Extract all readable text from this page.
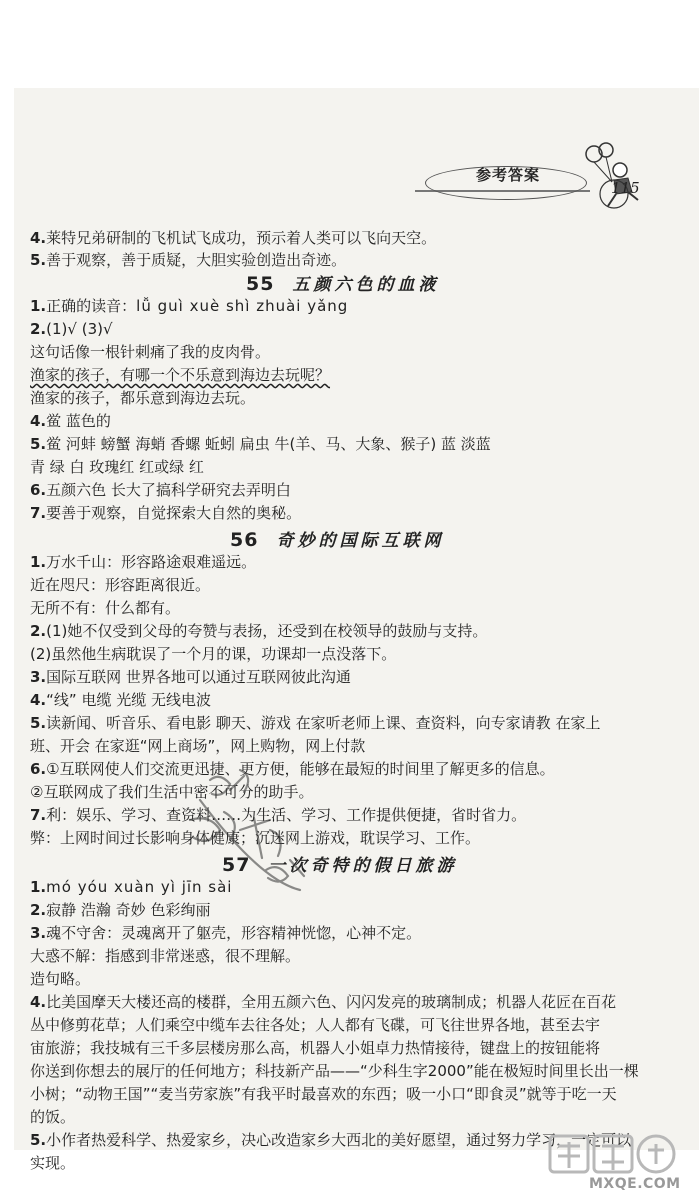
参考答案
115
4.莱特兄弟研制的飞机试飞成功，预示着人类可以飞向天空。
5.善于观察，善于质疑，大胆实验创造出奇迹。
55 五颜六色的血液
1.正确的读音：lǚ guì xuè shì zhuài yǎng
2.(1)√ (3)√
这句话像一根针刺痛了我的皮肉骨。
渔家的孩子，有哪一个不乐意到海边去玩呢？
渔家的孩子，都乐意到海边去玩。
4.鲎 蓝色的
5.鲎 河蚌 螃蟹 海蛸 香螺 蚯蚓 扁虫 牛(羊、马、大象、猴子) 蓝 淡蓝
青 绿 白 玫瑰红 红或绿 红
6.五颜六色 长大了搞科学研究去弄明白
7.要善于观察，自觉探索大自然的奥秘。
56 奇妙的国际互联网
1.万水千山：形容路途艰难遥远。
近在咫尺：形容距离很近。
无所不有：什么都有。
2.(1)她不仅受到父母的夸赞与表扬，还受到在校领导的鼓励与支持。
(2)虽然他生病耽误了一个月的课，功课却一点没落下。
3.国际互联网 世界各地可以通过互联网彼此沟通
4.“线” 电缆 光缆 无线电波
5.读新闻、听音乐、看电影 聊天、游戏 在家听老师上课、查资料，向专家请教 在家上
班、开会 在家逛“网上商场”，网上购物，网上付款
6.①互联网使人们交流更迅捷、更方便，能够在最短的时间里了解更多的信息。
②互联网成了我们生活中密不可分的助手。
7.利：娱乐、学习、查资料……为生活、学习、工作提供便捷，省时省力。
弊：上网时间过长影响身体健康；沉迷网上游戏，耽误学习、工作。
57 一次奇特的假日旅游
1.mó yóu xuàn yì jīn sài
2.寂静 浩瀚 奇妙 色彩绚丽
3.魂不守舍：灵魂离开了躯壳，形容精神恍惚，心神不定。
大惑不解：指感到非常迷惑，很不理解。
造句略。
4.比美国摩天大楼还高的楼群，全用五颜六色、闪闪发亮的玻璃制成；机器人花匠在百花
丛中修剪花草；人们乘空中缆车去往各处；人人都有飞碟，可飞往世界各地，甚至去宇
宙旅游；我技城有三千多层楼房那么高，机器人小姐卓力热情接待，键盘上的按钮能将
你送到你想去的展厅的任何地方；科技新产品——“少科生字2000”能在极短时间里长出一棵
小树；“动物王国”“麦当劳家族”有我平时最喜欢的东西；吸一小口“即食灵”就等于吃一天
的饭。
5.小作者热爱科学、热爱家乡，决心改造家乡大西北的美好愿望，通过努力学习，一定可以
实现。
MXQE.COM
